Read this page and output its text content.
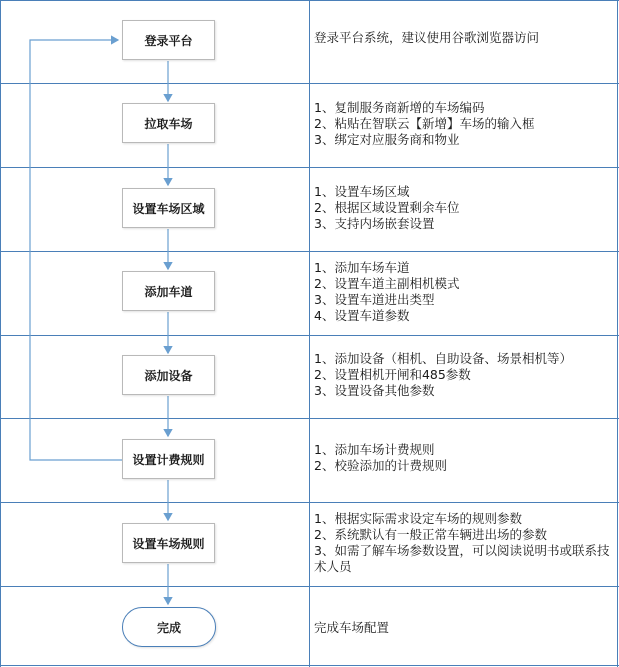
登录平台
拉取车场
设置车场区域
添加车道
添加设备
设置计费规则
设置车场规则
完成
登录平台系统，建议使用谷歌浏览器访问
1、复制服务商新增的车场编码
2、粘贴在智联云【新增】车场的输入框
3、绑定对应服务商和物业
1、设置车场区域
2、根据区域设置剩余车位
3、支持内场嵌套设置
1、添加车场车道
2、设置车道主副相机模式
3、设置车道进出类型
4、设置车道参数
1、添加设备（相机、自助设备、场景相机等）
2、设置相机开闸和485参数
3、设置设备其他参数
1、添加车场计费规则
2、校验添加的计费规则
1、根据实际需求设定车场的规则参数
2、系统默认有一般正常车辆进出场的参数
3、如需了解车场参数设置，可以阅读说明书或联系技术人员
完成车场配置
